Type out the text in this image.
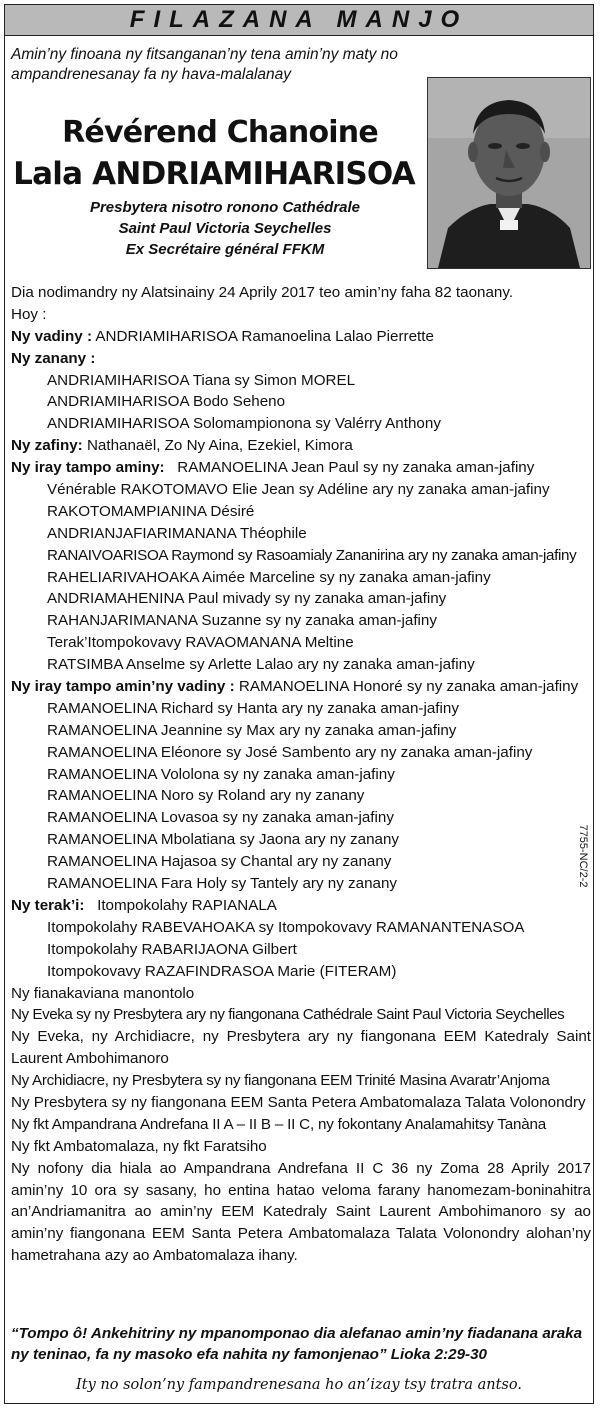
FILAZANA MANJO
Amin’ny finoana ny fitsanganan’ny tena amin’ny maty no ampandrenesanay fa ny hava-malalanay
Révérend Chanoine
Lala ANDRIAMIHARISOA
Presbytera nisotro ronono Cathédrale
Saint Paul Victoria Seychelles
Ex Secrétaire général FFKM
Dia nodimandry ny Alatsinainy 24 Aprily 2017 teo amin’ny faha 82 taonany.
Hoy :
Ny vadiny : ANDRIAMIHARISOA Ramanoelina Lalao Pierrette
Ny zanany :
ANDRIAMIHARISOA Tiana sy Simon MOREL
ANDRIAMIHARISOA Bodo Seheno
ANDRIAMIHARISOA Solomampionona sy Valérry Anthony
Ny zafiny: Nathanaël, Zo Ny Aina, Ezekiel, Kimora
Ny iray tampo aminy:   RAMANOELINA Jean Paul sy ny zanaka aman-jafiny
Vénérable RAKOTOMAVO Elie Jean sy Adéline ary ny zanaka aman-jafiny
RAKOTOMAMPIANINA Désiré
ANDRIANJAFIARIMANANA Théophile
RANAIVOARISOA Raymond sy Rasoamialy Zananirina ary ny zanaka aman-jafiny
RAHELIARIVAHOAKA Aimée Marceline sy ny zanaka aman-jafiny
ANDRIAMAHENINA Paul mivady sy ny zanaka aman-jafiny
RAHANJARIMANANA Suzanne sy ny zanaka aman-jafiny
Terak’Itompokovavy RAVAOMANANA Meltine
RATSIMBA Anselme sy Arlette Lalao ary ny zanaka aman-jafiny
Ny iray tampo amin’ny vadiny : RAMANOELINA Honoré sy ny zanaka aman-jafiny
RAMANOELINA Richard sy Hanta ary ny zanaka aman-jafiny
RAMANOELINA Jeannine sy Max ary ny zanaka aman-jafiny
RAMANOELINA Eléonore sy José Sambento ary ny zanaka aman-jafiny
RAMANOELINA Vololona sy ny zanaka aman-jafiny
RAMANOELINA Noro sy Roland ary ny zanany
RAMANOELINA Lovasoa sy ny zanaka aman-jafiny
RAMANOELINA Mbolatiana sy Jaona ary ny zanany
RAMANOELINA Hajasoa sy Chantal ary ny zanany
RAMANOELINA Fara Holy sy Tantely ary ny zanany
Ny terak’i:   Itompokolahy RAPIANALA
Itompokolahy RABEVAHOAKA sy Itompokovavy RAMANANTENASOA
Itompokolahy RABARIJAONA Gilbert
Itompokovavy RAZAFINDRASOA Marie (FITERAM)
Ny fianakaviana manontolo
Ny Eveka sy ny Presbytera ary ny fiangonana Cathédrale Saint Paul Victoria Seychelles
Ny Eveka, ny Archidiacre, ny Presbytera ary ny fiangonana EEM Katedraly Saint Laurent Ambohimanoro
Ny Archidiacre, ny Presbytera sy ny fiangonana EEM Trinité Masina Avaratr’Anjoma
Ny Presbytera sy ny fiangonana EEM Santa Petera Ambatomalaza Talata Volonondry
Ny fkt Ampandrana Andrefana II A – II B – II C, ny fokontany Analamahitsy Tanàna
Ny fkt Ambatomalaza, ny fkt Faratsiho
Ny nofony dia hiala ao Ampandrana Andrefana II C 36 ny Zoma 28 Aprily 2017 amin’ny 10 ora sy sasany, ho entina hatao veloma farany hanomezam-boninahitra an’Andriamanitra ao amin’ny EEM Katedraly Saint Laurent Ambohimanoro sy ao amin’ny fiangonana EEM Santa Petera Ambatomalaza Talata Volonondry alohan’ny hametrahana azy ao Ambatomalaza ihany.
7755-NC/2-2
“Tompo ô! Ankehitriny ny mpanomponao dia alefanao amin’ny fiadanana araka ny teninao, fa ny masoko efa nahita ny famonjenao” Lioka 2:29-30
Ity no solon’ny fampandrenesana ho an’izay tsy tratra antso.
